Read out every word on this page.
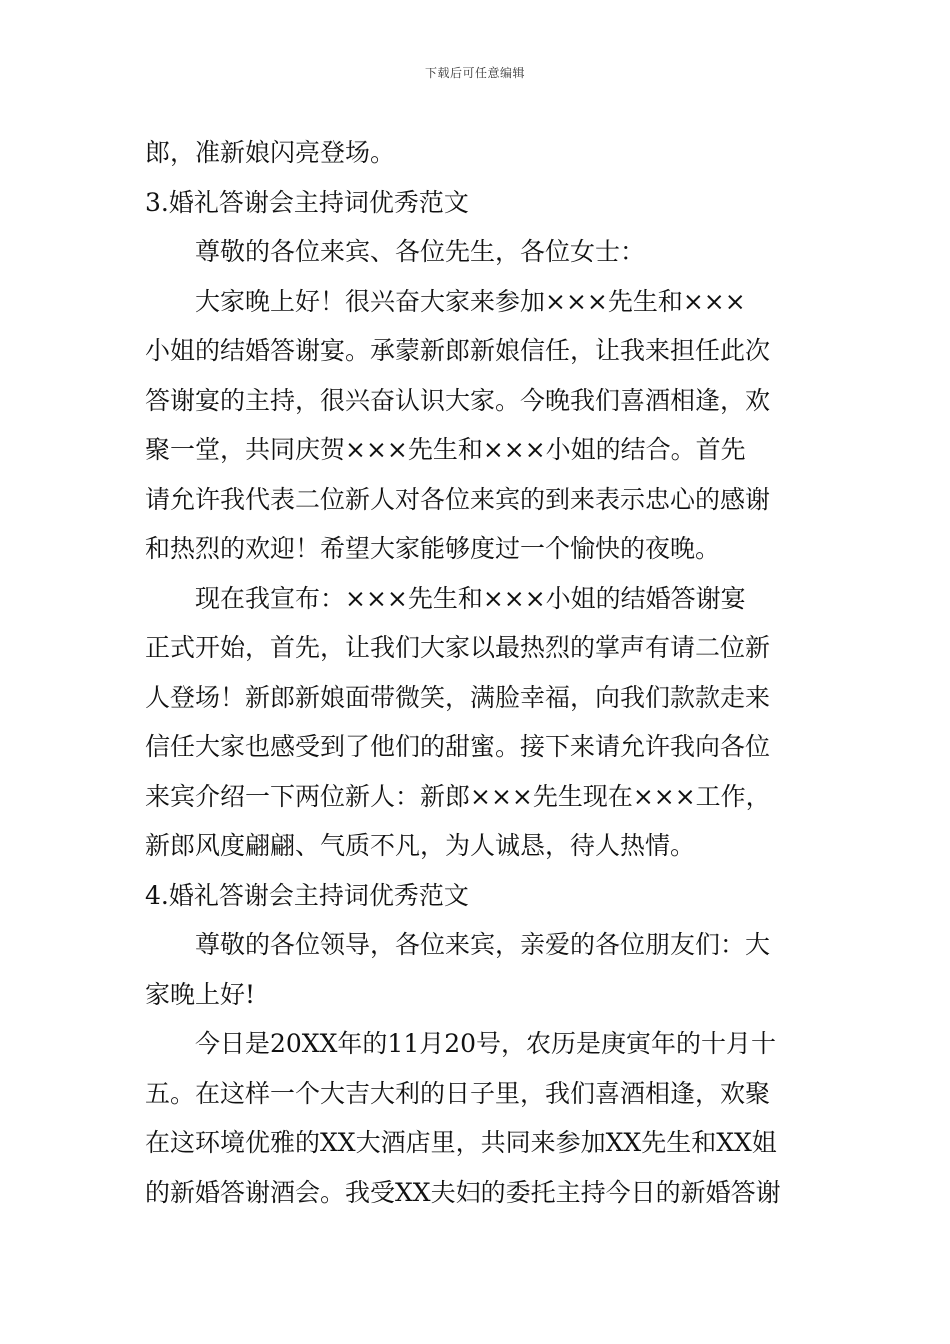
下载后可任意编辑
郎，准新娘闪亮登场。
3.婚礼答谢会主持词优秀范文
尊敬的各位来宾、各位先生，各位女士：
大家晚上好！很兴奋大家来参加×××先生和×××
小姐的结婚答谢宴。承蒙新郎新娘信任，让我来担任此次
答谢宴的主持，很兴奋认识大家。今晚我们喜酒相逢，欢
聚一堂，共同庆贺×××先生和×××小姐的结合。首先
请允许我代表二位新人对各位来宾的到来表示忠心的感谢
和热烈的欢迎！希望大家能够度过一个愉快的夜晚。
现在我宣布：×××先生和×××小姐的结婚答谢宴
正式开始，首先，让我们大家以最热烈的掌声有请二位新
人登场！新郎新娘面带微笑，满脸幸福，向我们款款走来
信任大家也感受到了他们的甜蜜。接下来请允许我向各位
来宾介绍一下两位新人：新郎×××先生现在×××工作，
新郎风度翩翩、气质不凡，为人诚恳，待人热情。
4.婚礼答谢会主持词优秀范文
尊敬的各位领导，各位来宾，亲爱的各位朋友们：大
家晚上好!
今日是20XX年的11月20号，农历是庚寅年的十月十
五。在这样一个大吉大利的日子里，我们喜酒相逢，欢聚
在这环境优雅的XX大酒店里，共同来参加XX先生和XX姐
的新婚答谢酒会。我受XX夫妇的委托主持今日的新婚答谢
